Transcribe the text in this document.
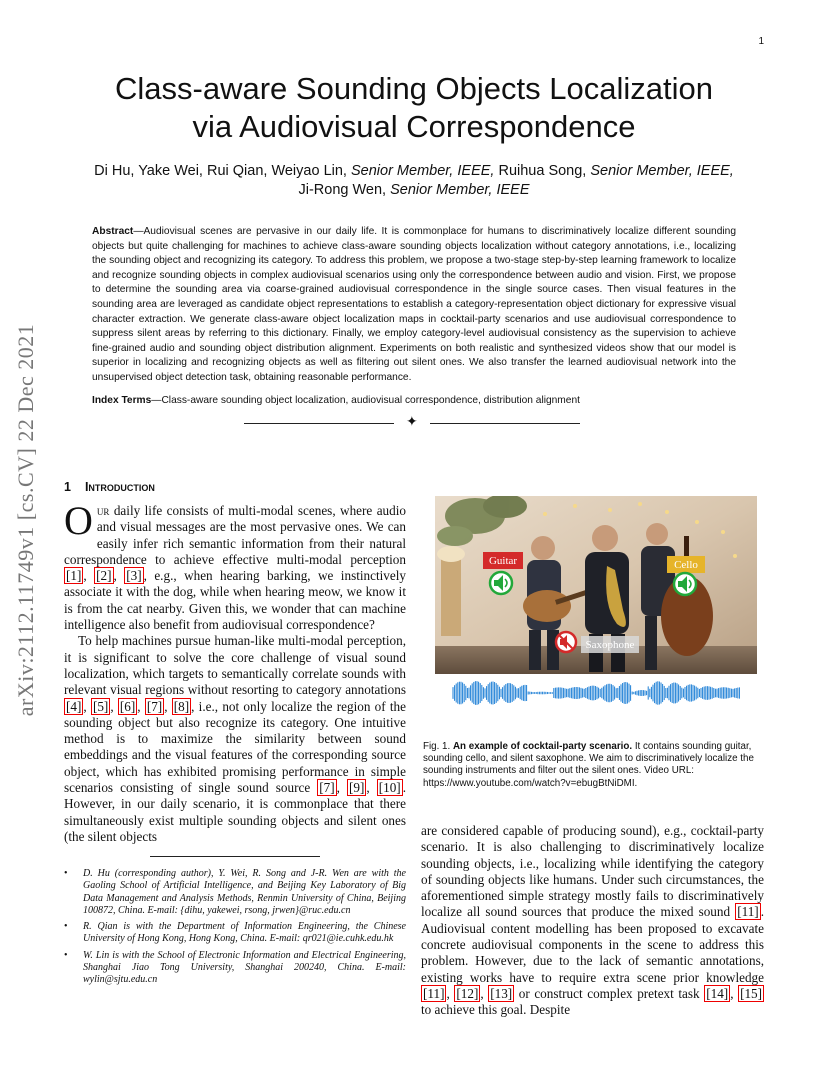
1
Class-aware Sounding Objects Localization
via Audiovisual Correspondence
Di Hu, Yake Wei, Rui Qian, Weiyao Lin, Senior Member, IEEE, Ruihua Song, Senior Member, IEEE,
Ji-Rong Wen, Senior Member, IEEE
Abstract—Audiovisual scenes are pervasive in our daily life. It is commonplace for humans to discriminatively localize different sounding objects but quite challenging for machines to achieve class-aware sounding objects localization without category annotations, i.e., localizing the sounding object and recognizing its category. To address this problem, we propose a two-stage step-by-step learning framework to localize and recognize sounding objects in complex audiovisual scenarios using only the correspondence between audio and vision. First, we propose to determine the sounding area via coarse-grained audiovisual correspondence in the single source cases. Then visual features in the sounding area are leveraged as candidate object representations to establish a category-representation object dictionary for expressive visual character extraction. We generate class-aware object localization maps in cocktail-party scenarios and use audiovisual correspondence to suppress silent areas by referring to this dictionary. Finally, we employ category-level audiovisual consistency as the supervision to achieve fine-grained audio and sounding object distribution alignment. Experiments on both realistic and synthesized videos show that our model is superior in localizing and recognizing objects as well as filtering out silent ones. We also transfer the learned audiovisual network into the unsupervised object detection task, obtaining reasonable performance.
Index Terms—Class-aware sounding object localization, audiovisual correspondence, distribution alignment
✦
arXiv:2112.11749v1 [cs.CV] 22 Dec 2021 1 Introduction

Our daily life consists of multi-modal scenes, where audio and visual messages are the most pervasive ones. We can easily infer rich semantic information from their natural correspondence to achieve effective multi-modal perception [1] , [2] , [3] , e.g., when hearing barking, we instinctively associate it with the dog, while when hearing meow, we know it is from the cat nearby. Given this, we wonder that can machine intelligence also benefit from audiovisual correspondence?

To help machines pursue human-like multi-modal perception, it is significant to solve the core challenge of visual sound localization, which targets to semantically correlate sounds with relevant visual regions without resorting to category annotations [4] , [5] , [6] , [7] , [8] , i.e., not only localize the region of the sounding object but also recognize its category. One intuitive method is to maximize the similarity between sound embeddings and the visual features of the corresponding source object, which has exhibited promising performance in simple scenarios consisting of single sound source [7] , [9] , [10] . However, in our daily scenario, it is commonplace that there simultaneously exist multiple sounding objects and silent ones (the silent objects

• D. Hu (corresponding author), Y. Wei, R. Song and J-R. Wen are with the Gaoling School of Artificial Intelligence, and Beijing Key Laboratory of Big Data Management and Analysis Methods, Renmin University of China, Beijing 100872, China. E-mail: {dihu, yakewei, rsong, jrwen}@ruc.edu.cn
• R. Qian is with the Department of Information Engineering, the Chinese University of Hong Kong, Hong Kong, China. E-mail: qr021@ie.cuhk.edu.hk
• W. Lin is with the School of Electronic Information and Electrical Engineering, Shanghai Jiao Tong University, Shanghai 200240, China. E-mail: wylin@sjtu.edu.cn
Guitar	Cello
Saxophone
Fig. 1. An example of cocktail-party scenario. It contains sounding guitar, sounding cello, and silent saxophone. We aim to discriminatively localize the sounding instruments and filter out the silent ones. Video URL: https://www.youtube.com/watch?v=ebugBtNiDMI.

are considered capable of producing sound), e.g., cocktail-party scenario. It is also challenging to discriminatively localize sounding objects, i.e., localizing while identifying the category of sounding objects like humans. Under such circumstances, the aforementioned simple strategy mostly fails to discriminatively localize all sound sources that produce the mixed sound [11] . Audiovisual content modelling has been proposed to excavate concrete audiovisual components in the scene to address this problem. However, due to the lack of semantic annotations, existing works have to require extra scene prior knowledge [11] , [12] , [13] or construct complex pretext task [14] , [15] to achieve this goal. Despite
